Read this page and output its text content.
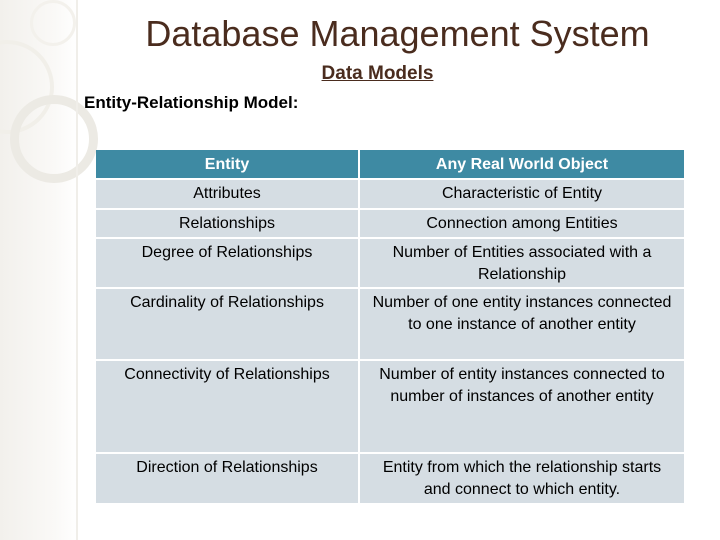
Database Management System
Data Models
Entity-Relationship Model:
Entity	Any Real World Object
Attributes	Characteristic of Entity
Relationships	Connection among Entities
Degree of Relationships	Number of Entities associated with a Relationship
Cardinality of Relationships	Number of one entity instances connected to one instance of another entity
Connectivity of Relationships	Number of entity instances connected to number of instances of another entity
Direction of Relationships	Entity from which the relationship starts and connect to which entity.
